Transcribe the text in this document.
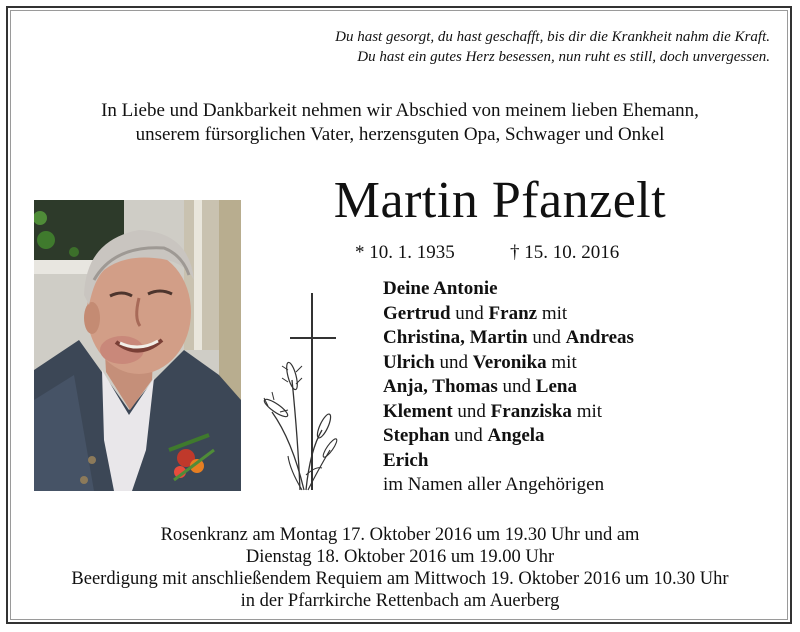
Du hast gesorgt, du hast geschafft, bis dir die Krankheit nahm die Kraft.
Du hast ein gutes Herz besessen, nun ruht es still, doch unvergessen.
In Liebe und Dankbarkeit nehmen wir Abschied von meinem lieben Ehemann,
unserem fürsorglichen Vater, herzensguten Opa, Schwager und Onkel
Martin Pfanzelt
* 10. 1. 1935	† 15. 10. 2016
Deine Antonie
Gertrud und Franz mit
Christina, Martin und Andreas
Ulrich und Veronika mit
Anja, Thomas und Lena
Klement und Franziska mit
Stephan und Angela
Erich
im Namen aller Angehörigen
Rosenkranz am Montag 17. Oktober 2016 um 19.30 Uhr und am
Dienstag 18. Oktober 2016 um 19.00 Uhr
Beerdigung mit anschließendem Requiem am Mittwoch 19. Oktober 2016 um 10.30 Uhr
in der Pfarrkirche Rettenbach am Auerberg
